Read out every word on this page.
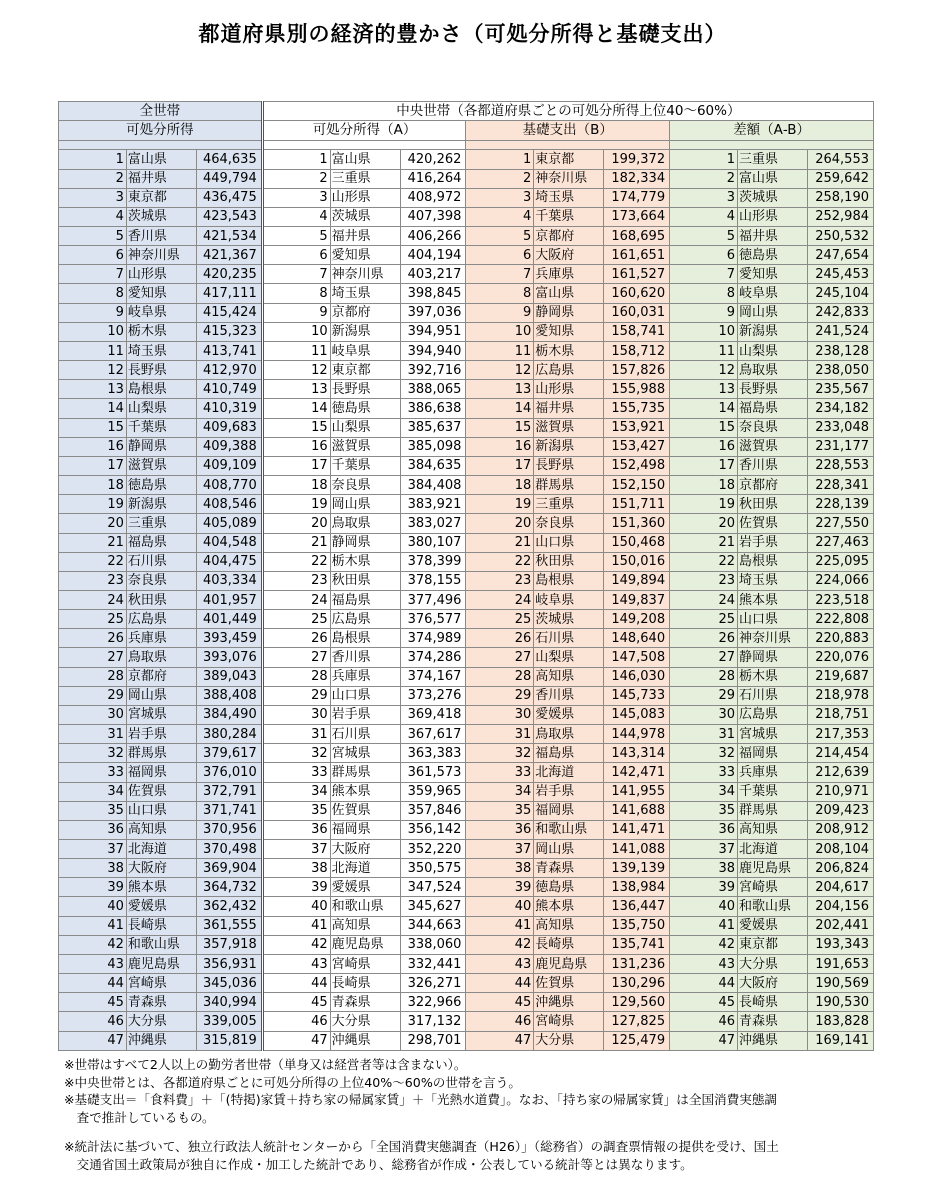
都道府県別の経済的豊かさ（可処分所得と基礎支出）
全世帯			中央世帯（各都道府県ごとの可処分所得上位40～60%）								
可処分所得			可処分所得（A）			基礎支出（B）			差額（A‐B）		

1	富山県	464,635	1	富山県	420,262	1	東京都	199,372	1	三重県	264,553
2	福井県	449,794	2	三重県	416,264	2	神奈川県	182,334	2	富山県	259,642
3	東京都	436,475	3	山形県	408,972	3	埼玉県	174,779	3	茨城県	258,190
4	茨城県	423,543	4	茨城県	407,398	4	千葉県	173,664	4	山形県	252,984
5	香川県	421,534	5	福井県	406,266	5	京都府	168,695	5	福井県	250,532
6	神奈川県	421,367	6	愛知県	404,194	6	大阪府	161,651	6	徳島県	247,654
7	山形県	420,235	7	神奈川県	403,217	7	兵庫県	161,527	7	愛知県	245,453
8	愛知県	417,111	8	埼玉県	398,845	8	富山県	160,620	8	岐阜県	245,104
9	岐阜県	415,424	9	京都府	397,036	9	静岡県	160,031	9	岡山県	242,833
10	栃木県	415,323	10	新潟県	394,951	10	愛知県	158,741	10	新潟県	241,524
11	埼玉県	413,741	11	岐阜県	394,940	11	栃木県	158,712	11	山梨県	238,128
12	長野県	412,970	12	東京都	392,716	12	広島県	157,826	12	鳥取県	238,050
13	島根県	410,749	13	長野県	388,065	13	山形県	155,988	13	長野県	235,567
14	山梨県	410,319	14	徳島県	386,638	14	福井県	155,735	14	福島県	234,182
15	千葉県	409,683	15	山梨県	385,637	15	滋賀県	153,921	15	奈良県	233,048
16	静岡県	409,388	16	滋賀県	385,098	16	新潟県	153,427	16	滋賀県	231,177
17	滋賀県	409,109	17	千葉県	384,635	17	長野県	152,498	17	香川県	228,553
18	徳島県	408,770	18	奈良県	384,408	18	群馬県	152,150	18	京都府	228,341
19	新潟県	408,546	19	岡山県	383,921	19	三重県	151,711	19	秋田県	228,139
20	三重県	405,089	20	鳥取県	383,027	20	奈良県	151,360	20	佐賀県	227,550
21	福島県	404,548	21	静岡県	380,107	21	山口県	150,468	21	岩手県	227,463
22	石川県	404,475	22	栃木県	378,399	22	秋田県	150,016	22	島根県	225,095
23	奈良県	403,334	23	秋田県	378,155	23	島根県	149,894	23	埼玉県	224,066
24	秋田県	401,957	24	福島県	377,496	24	岐阜県	149,837	24	熊本県	223,518
25	広島県	401,449	25	広島県	376,577	25	茨城県	149,208	25	山口県	222,808
26	兵庫県	393,459	26	島根県	374,989	26	石川県	148,640	26	神奈川県	220,883
27	鳥取県	393,076	27	香川県	374,286	27	山梨県	147,508	27	静岡県	220,076
28	京都府	389,043	28	兵庫県	374,167	28	高知県	146,030	28	栃木県	219,687
29	岡山県	388,408	29	山口県	373,276	29	香川県	145,733	29	石川県	218,978
30	宮城県	384,490	30	岩手県	369,418	30	愛媛県	145,083	30	広島県	218,751
31	岩手県	380,284	31	石川県	367,617	31	鳥取県	144,978	31	宮城県	217,353
32	群馬県	379,617	32	宮城県	363,383	32	福島県	143,314	32	福岡県	214,454
33	福岡県	376,010	33	群馬県	361,573	33	北海道	142,471	33	兵庫県	212,639
34	佐賀県	372,791	34	熊本県	359,965	34	岩手県	141,955	34	千葉県	210,971
35	山口県	371,741	35	佐賀県	357,846	35	福岡県	141,688	35	群馬県	209,423
36	高知県	370,956	36	福岡県	356,142	36	和歌山県	141,471	36	高知県	208,912
37	北海道	370,498	37	大阪府	352,220	37	岡山県	141,088	37	北海道	208,104
38	大阪府	369,904	38	北海道	350,575	38	青森県	139,139	38	鹿児島県	206,824
39	熊本県	364,732	39	愛媛県	347,524	39	徳島県	138,984	39	宮崎県	204,617
40	愛媛県	362,432	40	和歌山県	345,627	40	熊本県	136,447	40	和歌山県	204,156
41	長崎県	361,555	41	高知県	344,663	41	高知県	135,750	41	愛媛県	202,441
42	和歌山県	357,918	42	鹿児島県	338,060	42	長崎県	135,741	42	東京都	193,343
43	鹿児島県	356,931	43	宮崎県	332,441	43	鹿児島県	131,236	43	大分県	191,653
44	宮崎県	345,036	44	長崎県	326,271	44	佐賀県	130,296	44	大阪府	190,569
45	青森県	340,994	45	青森県	322,966	45	沖縄県	129,560	45	長崎県	190,530
46	大分県	339,005	46	大分県	317,132	46	宮崎県	127,825	46	青森県	183,828
47	沖縄県	315,819	47	沖縄県	298,701	47	大分県	125,479	47	沖縄県	169,141

※世帯はすべて2人以上の勤労者世帯（単身又は経営者等は含まない）。

※中央世帯とは、各都道府県ごとに可処分所得の上位40%～60%の世帯を言う。

※基礎支出＝「食料費」＋「(特掲)家賃＋持ち家の帰属家賃」＋「光熱水道費」。なお、「持ち家の帰属家賃」は全国消費実態調

　査で推計しているもの。

※統計法に基づいて、独立行政法人統計センターから「全国消費実態調査（H26）」（総務省）の調査票情報の提供を受け、国土

　交通省国土政策局が独自に作成・加工した統計であり、総務省が作成・公表している統計等とは異なります。
